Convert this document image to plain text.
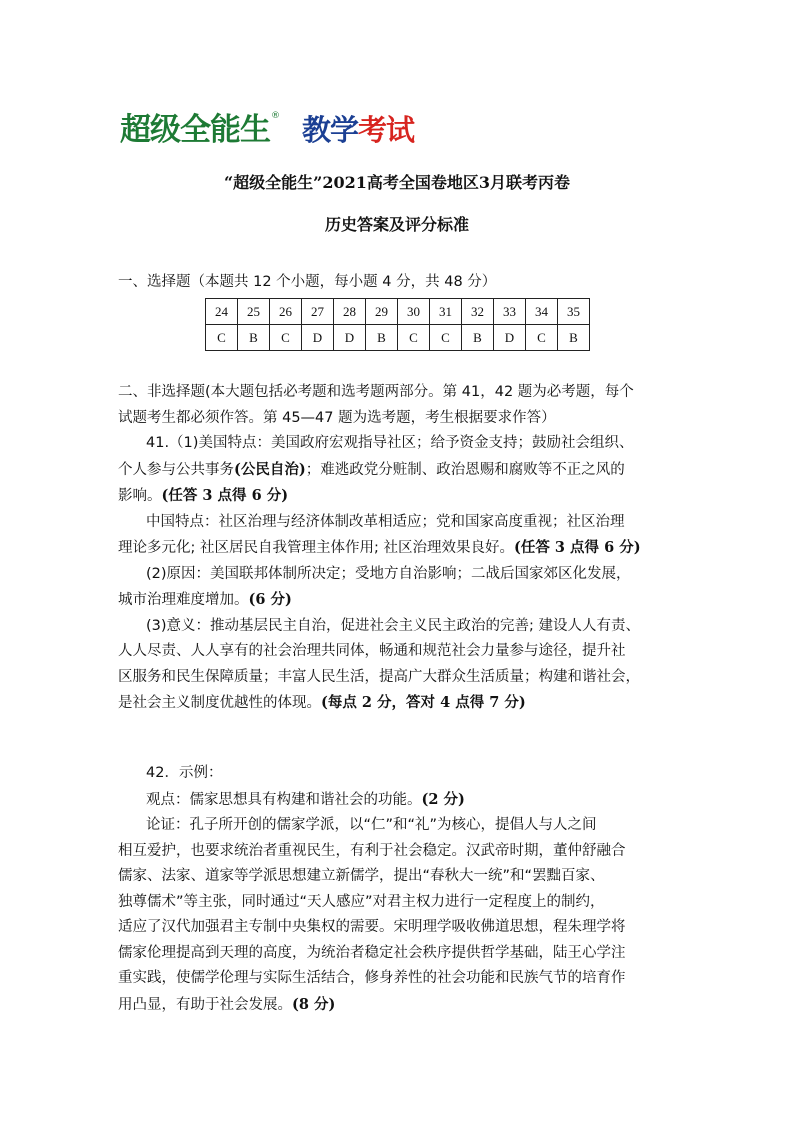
超级全能生 ® 教学考试
“超级全能生”2021高考全国卷地区3月联考丙卷
历史答案及评分标准
一、选择题（本题共 12 个小题，每小题 4 分，共 48 分）
24	25	26	27	28	29	30	31	32	33	34	35
C	B	C	D	D	B	C	C	B	D	C	B
二、非选择题(本大题包括必考题和选考题两部分。第 41，42 题为必考题，每个
试题考生都必须作答。第 45—47 题为选考题，考生根据要求作答）
41.（1)美国特点：美国政府宏观指导社区；给予资金支持；鼓励社会组织、
个人参与公共事务(公民自治)；难逃政党分赃制、政治恩赐和腐败等不正之风的
影响。(任答 3 点得 6 分)
中国特点：社区治理与经济体制改革相适应；党和国家高度重视；社区治理
理论多元化; 社区居民自我管理主体作用; 社区治理效果良好。(任答 3 点得 6 分)
(2)原因：美国联邦体制所决定；受地方自治影响；二战后国家郊区化发展，
城市治理难度增加。(6 分)
(3)意义：推动基层民主自治，促进社会主义民主政治的完善; 建设人人有责、
人人尽责、人人享有的社会治理共同体，畅通和规范社会力量参与途径，提升社
区服务和民生保障质量；丰富人民生活，提高广大群众生活质量；构建和谐社会，
是社会主义制度优越性的体现。(每点 2 分，答对 4 点得 7 分)
42．示例：
观点：儒家思想具有构建和谐社会的功能。(2 分)
论证：孔子所开创的儒家学派，以“仁”和“礼”为核心，提倡人与人之间
相互爱护，也要求统治者重视民生，有利于社会稳定。汉武帝时期，董仲舒融合
儒家、法家、道家等学派思想建立新儒学，提出“春秋大一统”和“罢黜百家、
独尊儒术”等主张，同时通过“天人感应”对君主权力进行一定程度上的制约，
适应了汉代加强君主专制中央集权的需要。宋明理学吸收佛道思想，程朱理学将
儒家伦理提高到天理的高度，为统治者稳定社会秩序提供哲学基础，陆王心学注
重实践，使儒学伦理与实际生活结合，修身养性的社会功能和民族气节的培育作
用凸显，有助于社会发展。(8 分)
